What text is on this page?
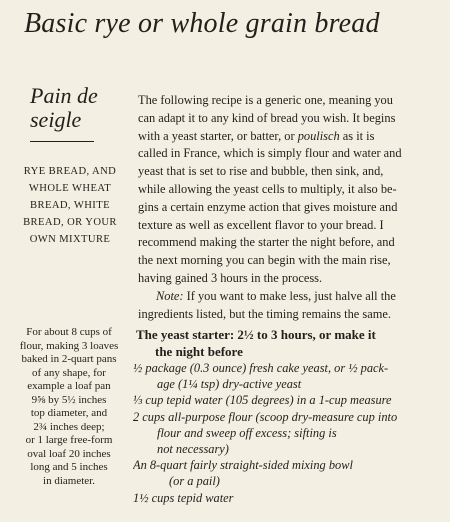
Basic rye or whole grain bread
Pain de
seigle
RYE BREAD, AND
WHOLE WHEAT
BREAD, WHITE
BREAD, OR YOUR
OWN MIXTURE
For about 8 cups of
flour, making 3 loaves
baked in 2-quart pans
of any shape, for
example a loaf pan
9⅝ by 5½ inches
top diameter, and
2¾ inches deep;
or 1 large free-form
oval loaf 20 inches
long and 5 inches
in diameter.
The following recipe is a generic one, meaning you
can adapt it to any kind of bread you wish. It begins
with a yeast starter, or batter, or poulisch as it is
called in France, which is simply flour and water and
yeast that is set to rise and bubble, then sink, and,
while allowing the yeast cells to multiply, it also be-
gins a certain enzyme action that gives moisture and
texture as well as excellent flavor to your bread. I
recommend making the starter the night before, and
the next morning you can begin with the main rise,
having gained 3 hours in the process.
Note: If you want to make less, just halve all the
ingredients listed, but the timing remains the same.
The yeast starter: 2½ to 3 hours, or make it
the night before
½ package (0.3 ounce) fresh cake yeast, or ½ pack-
age (1¼ tsp) dry-active yeast
⅓ cup tepid water (105 degrees) in a 1-cup measure
2 cups all-purpose flour (scoop dry-measure cup into
flour and sweep off excess; sifting is
not necessary)
An 8-quart fairly straight-sided mixing bowl
(or a pail)
1½ cups tepid water
